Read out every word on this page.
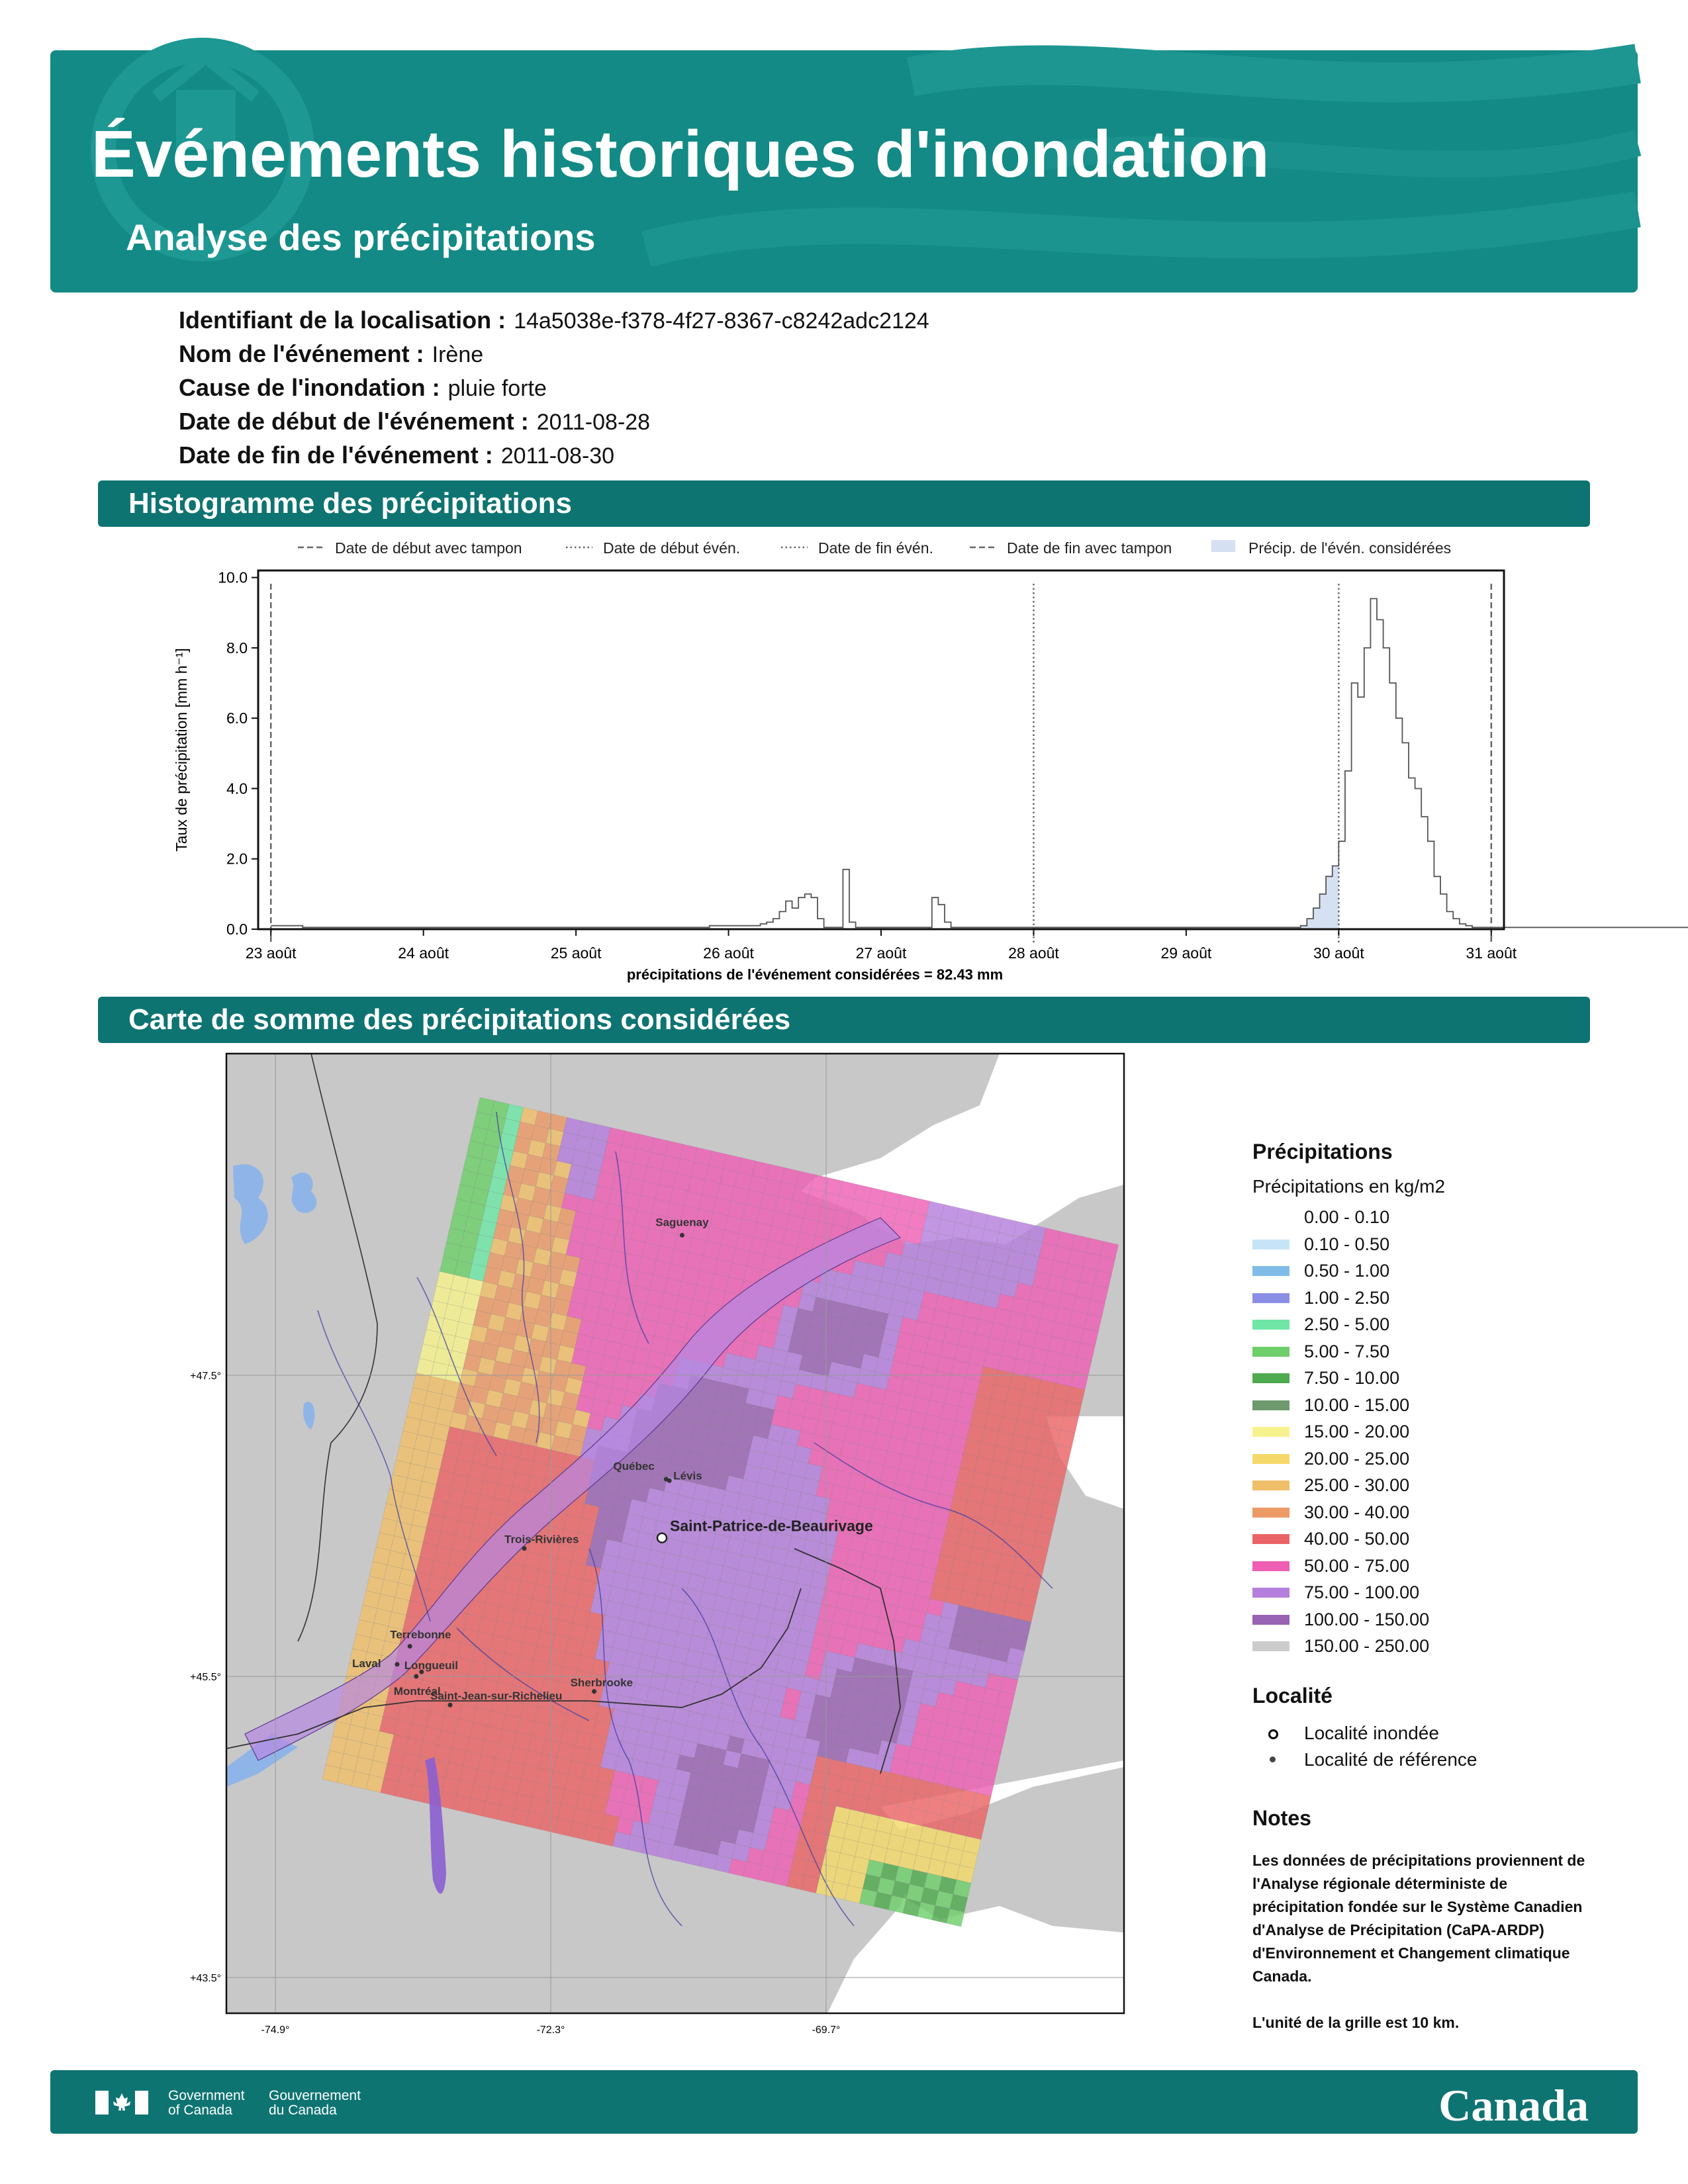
Événements historiques d'inondation
Analyse des précipitations
Identifiant de la localisation : 14a5038e-f378-4f27-8367-c8242adc2124
Nom de l'événement : Irène
Cause de l'inondation : pluie forte
Date de début de l'événement : 2011-08-28
Date de fin de l'événement : 2011-08-30
Histogramme des précipitations
Carte de somme des précipitations considérées
Date de début avec tampon	Date de début évén.	Date de fin évén.	Date de fin avec tampon	Précip. de l'évén. considérées
0.0
2.0
4.0
6.0
8.0
10.0
23 août	24 août	25 août	26 août	27 août	28 août	29 août	30 août	31 août
Taux de précipitation [mm h⁻¹]
précipitations de l'événement considérées = 82.43 mm
Saguenay
Québec
Lévis
Trois-Rivières
Terrebonne
Laval Longueuil
Montréal
Sherbrooke
Saint-Jean-sur-Richelieu
Saint-Patrice-de-Beaurivage
+47.5°
+45.5°
+43.5°
-74.9°	-72.3°	-69.7°
Précipitations
Précipitations en kg/m2
0.00 - 0.10
0.10 - 0.50
0.50 - 1.00
1.00 - 2.50
2.50 - 5.00
5.00 - 7.50
7.50 - 10.00
10.00 - 15.00
15.00 - 20.00
20.00 - 25.00
25.00 - 30.00
30.00 - 40.00
40.00 - 50.00
50.00 - 75.00
75.00 - 100.00
100.00 - 150.00
150.00 - 250.00
Localité
Localité inondée
Localité de référence
Notes

Les données de précipitations proviennent de l'Analyse régionale déterministe de précipitation fondée sur le Système Canadien d'Analyse de Précipitation (CaPA-ARDP) d'Environnement et Changement climatique Canada.

L'unité de la grille est 10 km.

Government
of Canada
Gouvernement
du Canada	Canada
